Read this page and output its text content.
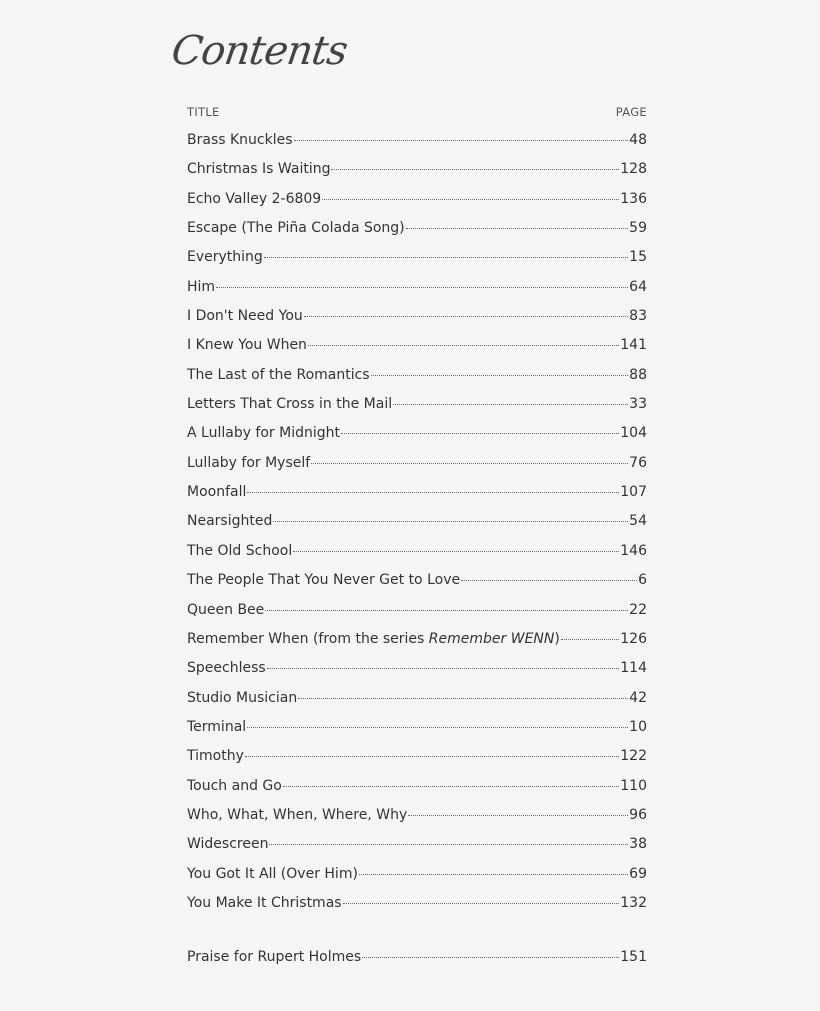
Contents
TITLE	PAGE
Brass Knuckles	48
Christmas Is Waiting	128
Echo Valley 2-6809	136
Escape (The Piña Colada Song)	59
Everything	15
Him	64
I Don't Need You	83
I Knew You When	141
The Last of the Romantics	88
Letters That Cross in the Mail	33
A Lullaby for Midnight	104
Lullaby for Myself	76
Moonfall	107
Nearsighted	54
The Old School	146
The People That You Never Get to Love	6
Queen Bee	22
Remember When (from the series Remember WENN)	126
Speechless	114
Studio Musician	42
Terminal	10
Timothy	122
Touch and Go	110
Who, What, When, Where, Why	96
Widescreen	38
You Got It All (Over Him)	69
You Make It Christmas	132
Praise for Rupert Holmes	151
